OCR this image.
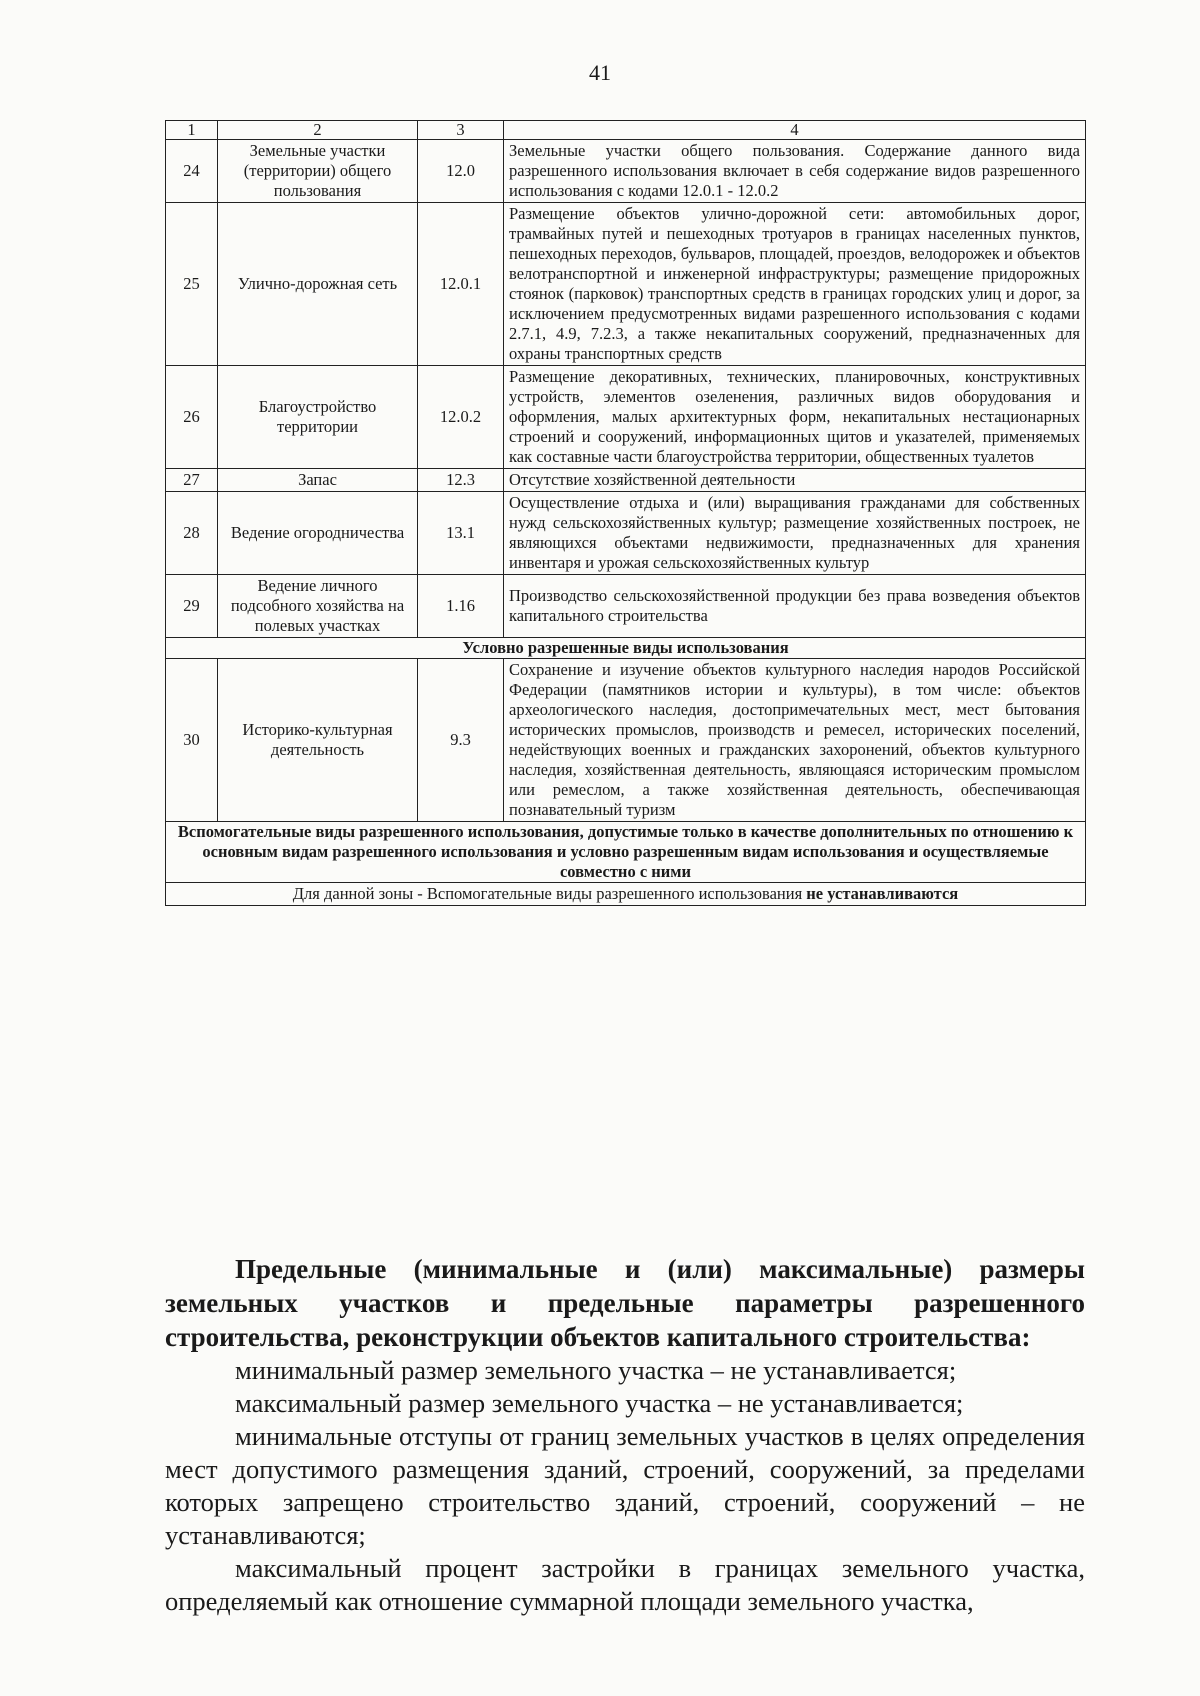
41
1	2	3	4
24	Земельные участки (территории) общего пользования	12.0	Земельные участки общего пользования. Содержание данного вида разрешенного использования включает в себя содержание видов разрешенного использования с кодами 12.0.1 - 12.0.2
25	Улично-дорожная сеть	12.0.1	Размещение объектов улично-дорожной сети: автомобильных дорог, трамвайных путей и пешеходных тротуаров в границах населенных пунктов, пешеходных переходов, бульваров, площадей, проездов, велодорожек и объектов велотранспортной и инженерной инфраструктуры; размещение придорожных стоянок (парковок) транспортных средств в границах городских улиц и дорог, за исключением предусмотренных видами разрешенного использования с кодами 2.7.1, 4.9, 7.2.3, а также некапитальных сооружений, предназначенных для охраны транспортных средств
26	Благоустройство территории	12.0.2	Размещение декоративных, технических, планировочных, конструктивных устройств, элементов озеленения, различных видов оборудования и оформления, малых архитектурных форм, некапитальных нестационарных строений и сооружений, информационных щитов и указателей, применяемых как составные части благоустройства территории, общественных туалетов
27	Запас	12.3	Отсутствие хозяйственной деятельности
28	Ведение огородничества	13.1	Осуществление отдыха и (или) выращивания гражданами для собственных нужд сельскохозяйственных культур; размещение хозяйственных построек, не являющихся объектами недвижимости, предназначенных для хранения инвентаря и урожая сельскохозяйственных культур
29	Ведение личного подсобного хозяйства на полевых участках	1.16	Производство сельскохозяйственной продукции без права возведения объектов капитального строительства
Условно разрешенные виды использования			
30	Историко-культурная деятельность	9.3	Сохранение и изучение объектов культурного наследия народов Российской Федерации (памятников истории и культуры), в том числе: объектов археологического наследия, достопримечательных мест, мест бытования исторических промыслов, производств и ремесел, исторических поселений, недействующих военных и гражданских захоронений, объектов культурного наследия, хозяйственная деятельность, являющаяся историческим промыслом или ремеслом, а также хозяйственная деятельность, обеспечивающая познавательный туризм
Вспомогательные виды разрешенного использования, допустимые только в качестве дополнительных по отношению к основным видам разрешенного использования и условно разрешенным видам использования и осуществляемые совместно с ними			
Для данной зоны - Вспомогательные виды разрешенного использования не устанавливаются			
Предельные (минимальные и (или) максимальные) размеры земельных участков и предельные параметры разрешенного строительства, реконструкции объектов капитального строительства:

минимальный размер земельного участка – не устанавливается;

максимальный размер земельного участка – не устанавливается;

минимальные отступы от границ земельных участков в целях определения мест допустимого размещения зданий, строений, сооружений, за пределами которых запрещено строительство зданий, строений, сооружений – не устанавливаются;

максимальный процент застройки в границах земельного участка, определяемый как отношение суммарной площади земельного участка,
